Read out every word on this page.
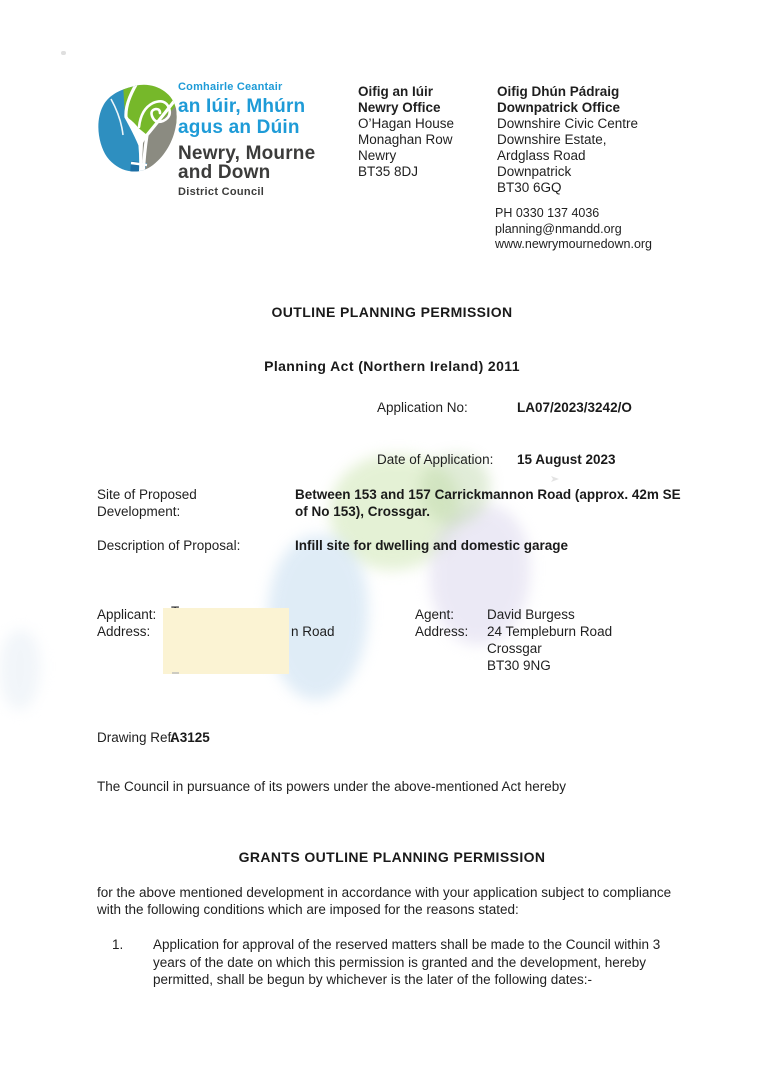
Comhairle Ceantair
an Iúir, Mhúrn
agus an Dúin
Newry, Mourne
and Down
District Council
Oifig an Iúir
Newry Office
O’Hagan House
Monaghan Row
Newry
BT35 8DJ
Oifig Dhún Pádraig
Downpatrick Office
Downshire Civic Centre
Downshire Estate,
Ardglass Road
Downpatrick
BT30 6GQ
PH 0330 137 4036
planning@nmandd.org
www.newrymournedown.org
OUTLINE PLANNING PERMISSION
Planning Act (Northern Ireland) 2011
Application No:	LA07/2023/3242/O
Date of Application: 15 August 2023
Site of Proposed
Development:
Between 153 and 157 Carrickmannon Road (approx. 42m SE
of No 153), Crossgar.
Description of Proposal:	Infill site for dwelling and domestic garage
Applicant:
Address:	n Road
Agent: David Burgess
Address: 24 Templeburn Road
Crossgar
BT30 9NG
Drawing Ref:
A3125
The Council in pursuance of its powers under the above-mentioned Act hereby
GRANTS OUTLINE PLANNING PERMISSION
for the above mentioned development in accordance with your application subject to compliance
with the following conditions which are imposed for the reasons stated:
1. Application for approval of the reserved matters shall be made to the Council within 3
years of the date on which this permission is granted and the development, hereby
permitted, shall be begun by whichever is the later of the following dates:-
